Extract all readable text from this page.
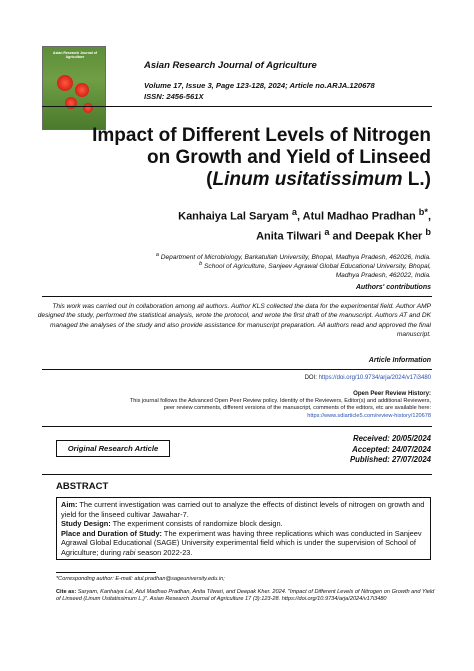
Asian Research Journal of Agriculture
Asian Research Journal of Agriculture
Volume 17, Issue 3, Page 123-128, 2024; Article no.ARJA.120678
ISSN: 2456-561X
Impact of Different Levels of Nitrogen
on Growth and Yield of Linseed
(Linum usitatissimum L.)
Kanhaiya Lal Saryam $^a$, Atul Madhao Pradhan $^{b*}$,
Anita Tilwari $^a$ and Deepak Kher $^b$
$^a$ Department of Microbiology, Barkatullah University, Bhopal, Madhya Pradesh, 462026, India.
$^b$ School of Agriculture, Sanjeev Agrawal Global Educational University, Bhopal,
Madhya Pradesh, 462022, India.
Authors' contributions
This work was carried out in collaboration among all authors. Author KLS collected the data for the experimental field. Author AMP designed the study, performed the statistical analysis, wrote the protocol, and wrote the first draft of the manuscript. Authors AT and DK managed the analyses of the study and also provide assistance for manuscript preparation. All authors read and approved the final manuscript.
Article Information
DOI: https://doi.org/10.9734/arja/2024/v17i3480
Open Peer Review History:
This journal follows the Advanced Open Peer Review policy. Identity of the Reviewers, Editor(s) and additional Reviewers,
peer review comments, different versions of the manuscript, comments of the editors, etc are available here:
https://www.sdiarticle5.com/review-history/120678
Original Research Article
Received: 20/05/2024
Accepted: 24/07/2024
Published: 27/07/2024
ABSTRACT
Aim: The current investigation was carried out to analyze the effects of distinct levels of nitrogen on growth and yield for the linseed cultivar Jawahar-7.
Study Design: The experiment consists of randomize block design.
Place and Duration of Study: The experiment was having three replications which was conducted in Sanjeev Agrawal Global Educational (SAGE) University experimental field which is under the supervision of School of Agriculture; during rabi season 2022-23.
*Corresponding author: E-mail: atul.pradhan@sageuniversity.edu.in;
Cite as: Saryam, Kanhaiya Lal, Atul Madhao Pradhan, Anita Tilwari, and Deepak Kher. 2024. "Impact of Different Levels of Nitrogen on Growth and Yield of Linseed (Linum Usitatissimum L.)". Asian Research Journal of Agriculture 17 (3):123-28. https://doi.org/10.9734/arja/2024/v17i3480
